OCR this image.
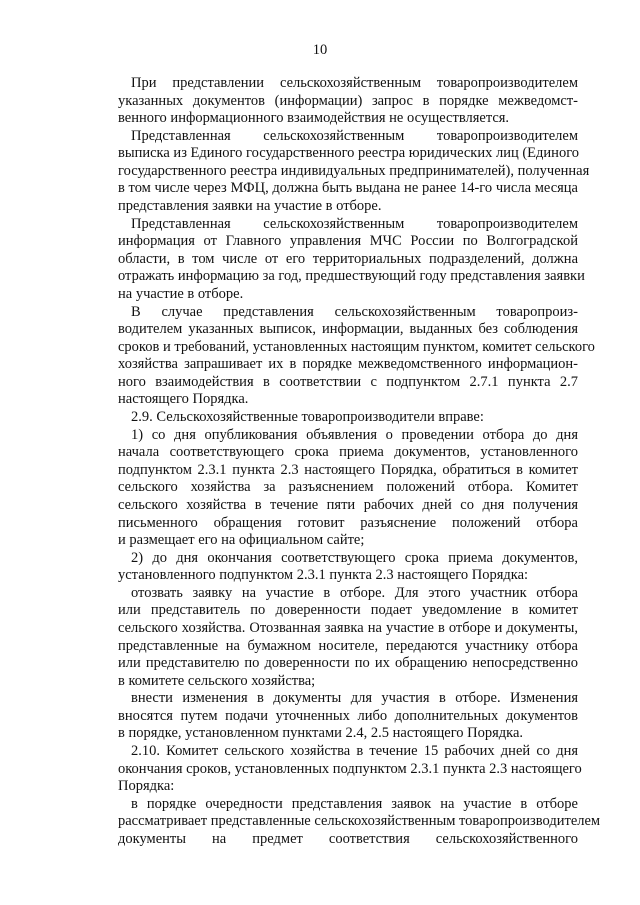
10
При представлении сельскохозяйственным товаропроизводителем
указанных документов (информации) запрос в порядке межведомст-
венного информационного взаимодействия не осуществляется.
Представленная сельскохозяйственным товаропроизводителем
выписка из Единого государственного реестра юридических лиц (Единого
государственного реестра индивидуальных предпринимателей), полученная
в том числе через МФЦ, должна быть выдана не ранее 14-го числа месяца
представления заявки на участие в отборе.
Представленная сельскохозяйственным товаропроизводителем
информация от Главного управления МЧС России по Волгоградской
области, в том числе от его территориальных подразделений, должна
отражать информацию за год, предшествующий году представления заявки
на участие в отборе.
В случае представления сельскохозяйственным товаропроиз-
водителем указанных выписок, информации, выданных без соблюдения
сроков и требований, установленных настоящим пунктом, комитет сельского
хозяйства запрашивает их в порядке межведомственного информацион-
ного взаимодействия в соответствии с подпунктом 2.7.1 пункта 2.7
настоящего Порядка.
2.9. Сельскохозяйственные товаропроизводители вправе:
1) со дня опубликования объявления о проведении отбора до дня
начала соответствующего срока приема документов, установленного
подпунктом 2.3.1 пункта 2.3 настоящего Порядка, обратиться в комитет
сельского хозяйства за разъяснением положений отбора. Комитет
сельского хозяйства в течение пяти рабочих дней со дня получения
письменного обращения готовит разъяснение положений отбора
и размещает его на официальном сайте;
2) до дня окончания соответствующего срока приема документов,
установленного подпунктом 2.3.1 пункта 2.3 настоящего Порядка:
отозвать заявку на участие в отборе. Для этого участник отбора
или представитель по доверенности подает уведомление в комитет
сельского хозяйства. Отозванная заявка на участие в отборе и документы,
представленные на бумажном носителе, передаются участнику отбора
или представителю по доверенности по их обращению непосредственно
в комитете сельского хозяйства;
внести изменения в документы для участия в отборе. Изменения
вносятся путем подачи уточненных либо дополнительных документов
в порядке, установленном пунктами 2.4, 2.5 настоящего Порядка.
2.10. Комитет сельского хозяйства в течение 15 рабочих дней со дня
окончания сроков, установленных подпунктом 2.3.1 пункта 2.3 настоящего
Порядка:
в порядке очередности представления заявок на участие в отборе
рассматривает представленные сельскохозяйственным товаропроизводителем
документы на предмет соответствия сельскохозяйственного
